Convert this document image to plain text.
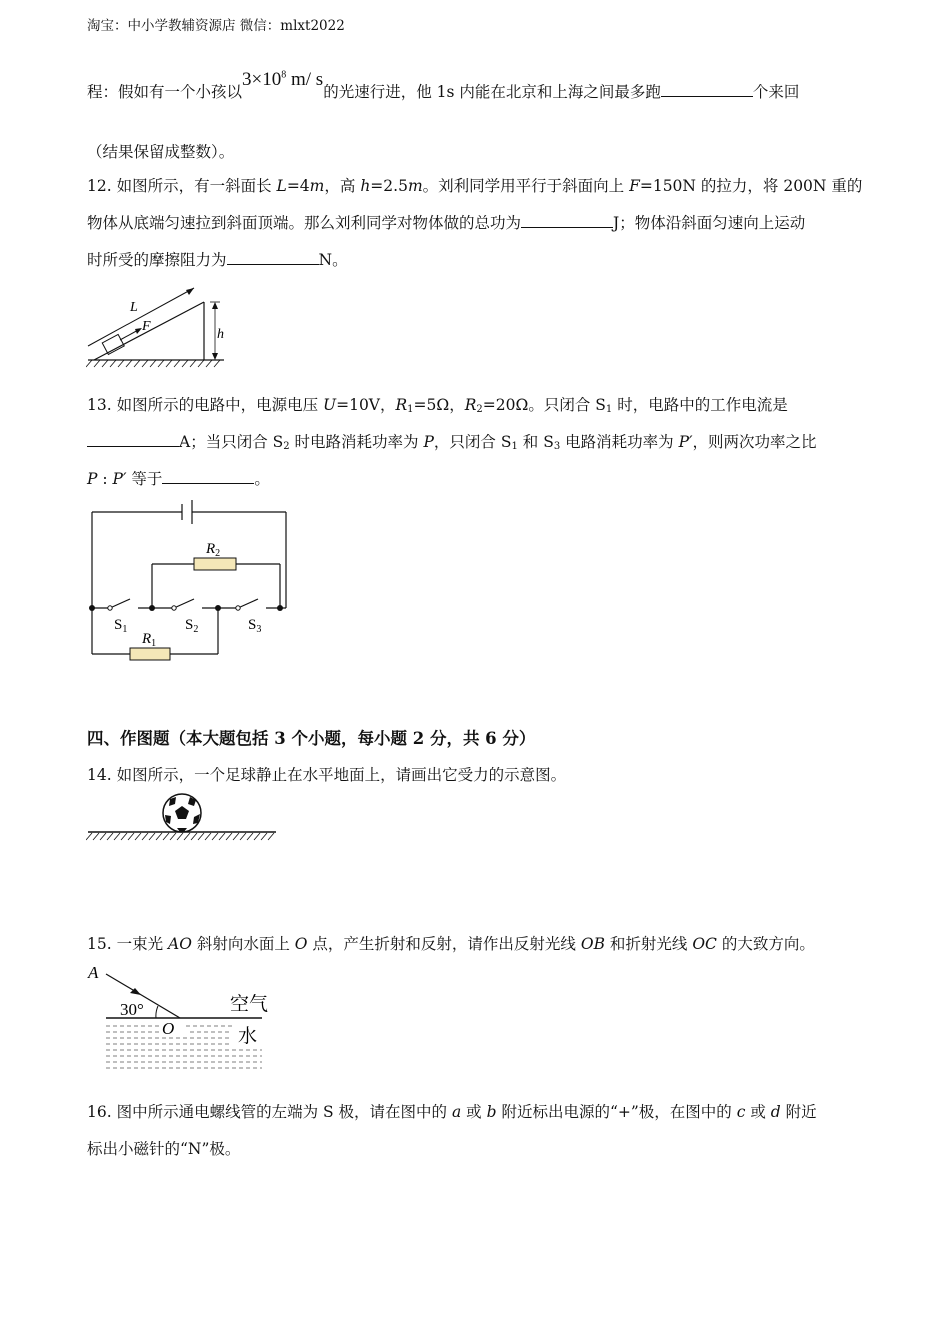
淘宝：中小学教辅资源店 微信：mlxt2022
程：假如有一个小孩以$3\times 10^8$ m/ s的光速行进，他 1s 内能在北京和上海之间最多跑	个来回
（结果保留成整数）。
12. 如图所示，有一斜面长 L=4m，高 h=2.5m。刘利同学用平行于斜面向上 F=150N 的拉力，将 200N 重的
物体从底端匀速拉到斜面顶端。那么刘利同学对物体做的总功为	J；物体沿斜面匀速向上运动
时所受的摩擦阻力为	N。
L
F
h
13. 如图所示的电路中，电源电压 U=10V，$R_1=5\Omega$，$R_2=20\Omega$。只闭合 $S_1$ 时，电路中的工作电流是
A；当只闭合 $S_2$ 时电路消耗功率为 P，只闭合 $S_1$ 和 $S_3$ 电路消耗功率为 P′，则两次功率之比
P : P′ 等于	。
$R_2$
$R_1$
$S_1$	$S_2$	$S_3$
四、作图题（本大题包括 3 个小题，每小题 2 分，共 6 分）
14. 如图所示，一个足球静止在水平地面上，请画出它受力的示意图。
15. 一束光 AO 斜射向水面上 O 点，产生折射和反射，请作出反射光线 OB 和折射光线 OC 的大致方向。
A
30°
O
空气
水
16. 图中所示通电螺线管的左端为 S 极，请在图中的 a 或 b 附近标出电源的“+”极，在图中的 c 或 d 附近
标出小磁针的“N”极。
